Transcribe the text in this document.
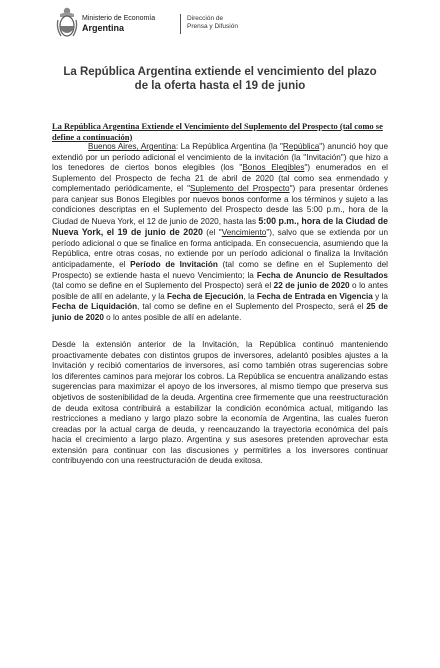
Ministerio de Economía
Argentina
Dirección de
Prensa y Difusión
La República Argentina extiende el vencimiento del plazo
de la oferta hasta el 19 de junio

La República Argentina Extiende el Vencimiento del Suplemento del Prospecto (tal como se define a continuación)

Buenos Aires, Argentina: La República Argentina (la "República") anunció hoy que extendió por un período adicional el vencimiento de la invitación (la "Invitación") que hizo a los tenedores de ciertos bonos elegibles (los "Bonos Elegibles") enumerados en el Suplemento del Prospecto de fecha 21 de abril de 2020 (tal como sea enmendado y complementado periódicamente, el "Suplemento del Prospecto") para presentar órdenes para canjear sus Bonos Elegibles por nuevos bonos conforme a los términos y sujeto a las condiciones descriptas en el Suplemento del Prospecto desde las 5:00 p.m., hora de la Ciudad de Nueva York, el 12 de junio de 2020, hasta las 5:00 p.m., hora de la Ciudad de Nueva York, el 19 de junio de 2020 (el "Vencimiento"), salvo que se extienda por un período adicional o que se finalice en forma anticipada. En consecuencia, asumiendo que la República, entre otras cosas, no extiende por un período adicional o finaliza la Invitación anticipadamente, el Período de Invitación (tal como se define en el Suplemento del Prospecto) se extiende hasta el nuevo Vencimiento; la Fecha de Anuncio de Resultados (tal como se define en el Suplemento del Prospecto) será el 22 de junio de 2020 o lo antes posible de allí en adelante, y la Fecha de Ejecución, la Fecha de Entrada en Vigencia y la Fecha de Liquidación, tal como se define en el Suplemento del Prospecto, será el 25 de junio de 2020 o lo antes posible de allí en adelante.

Desde la extensión anterior de la Invitación, la República continuó manteniendo proactivamente debates con distintos grupos de inversores, adelantó posibles ajustes a la Invitación y recibió comentarios de inversores, así como también otras sugerencias sobre los diferentes caminos para mejorar los cobros. La República se encuentra analizando estas sugerencias para maximizar el apoyo de los inversores, al mismo tiempo que preserva sus objetivos de sostenibilidad de la deuda. Argentina cree firmemente que una reestructuración de deuda exitosa contribuirá a estabilizar la condición económica actual, mitigando las restricciones a mediano y largo plazo sobre la economía de Argentina, las cuales fueron creadas por la actual carga de deuda, y reencauzando la trayectoria económica del país hacia el crecimiento a largo plazo. Argentina y sus asesores pretenden aprovechar esta extensión para continuar con las discusiones y permitirles a los inversores continuar contribuyendo con una reestructuración de deuda exitosa.
